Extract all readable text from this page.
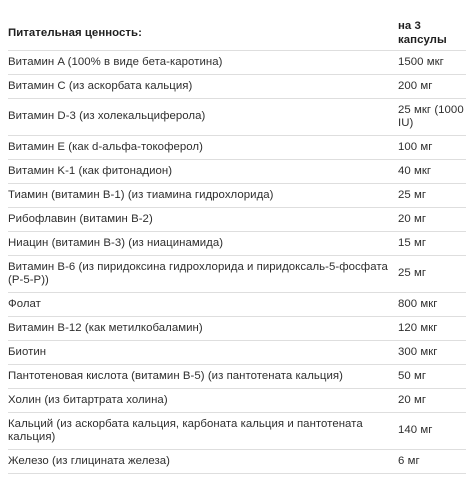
Питательная ценность:	на 3 капсулы
Витамин A (100% в виде бета-каротина)	1500 мкг
Витамин C (из аскорбата кальция)	200 мг
Витамин D-3 (из холекальциферола)	25 мкг (1000 IU)
Витамин E (как d-альфа-токоферол)	100 мг
Витамин K-1 (как фитонадион)	40 мкг
Тиамин (витамин B-1) (из тиамина гидрохлорида)	25 мг
Рибофлавин (витамин B-2)	20 мг
Ниацин (витамин B-3) (из ниацинамида)	15 мг
Витамин B-6 (из пиридоксина гидрохлорида и пиридоксаль-5-фосфата (P-5-P))	25 мг
Фолат	800 мкг
Витамин B-12 (как метилкобаламин)	120 мкг
Биотин	300 мкг
Пантотеновая кислота (витамин B-5) (из пантотената кальция)	50 мг
Холин (из битартрата холина)	20 мг
Кальций (из аскорбата кальция, карбоната кальция и пантотената кальция)	140 мг
Железо (из глицината железа)	6 мг
